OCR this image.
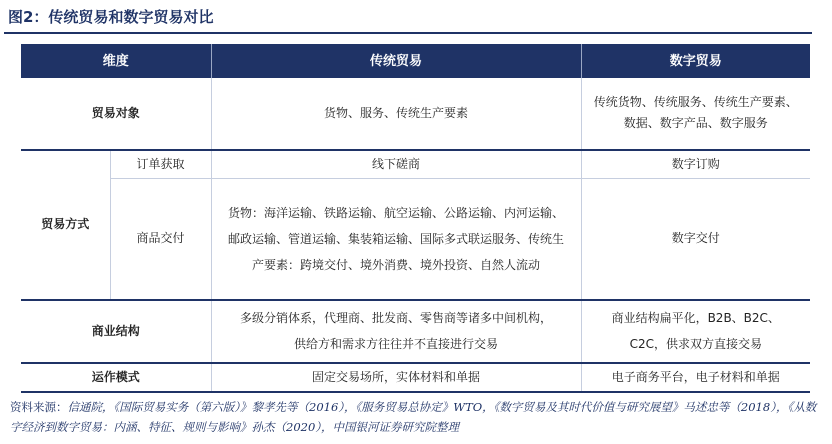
图2：传统贸易和数字贸易对比
维度		传统贸易	数字贸易
贸易对象		货物、服务、传统生产要素	传统货物、传统服务、传统生产要素、数据、数字产品、数字服务
贸易方式	订单获取	线下磋商	数字订购
	商品交付	货物：海洋运输、铁路运输、航空运输、公路运输、内河运输、邮政运输、管道运输、集装箱运输、国际多式联运服务、传统生产要素：跨境交付、境外消费、境外投资、自然人流动	数字交付
商业结构		多级分销体系，代理商、批发商、零售商等诸多中间机构，供给方和需求方往往并不直接进行交易	商业结构扁平化，B2B、B2C、C2C，供求双方直接交易
运作模式		固定交易场所，实体材料和单据	电子商务平台，电子材料和单据
资料来源：信通院，《国际贸易实务（第六版）》黎孝先等（2016），《服务贸易总协定》WTO，《数字贸易及其时代价值与研究展望》马述忠等（2018），《从数字经济到数字贸易：内涵、特征、规则与影响》孙杰（2020），中国银河证券研究院整理
